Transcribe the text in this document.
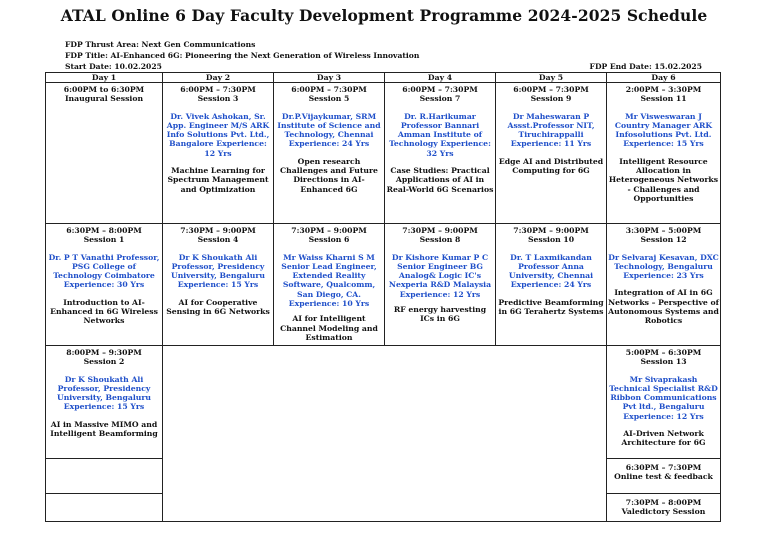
ATAL Online 6 Day Faculty Development Programme 2024-2025 Schedule
FDP Thrust Area: Next Gen Communications
FDP Title: AI-Enhanced 6G: Pioneering the Next Generation of Wireless Innovation
Start Date: 10.02.2025	FDP End Date: 15.02.2025
Day 1	Day 2	Day 3	Day 4	Day 5	Day 6

6:00PM to 6:30PM
Inaugural Session	6:00PM – 7:30PM
Session 3
Dr. Vivek Ashokan, Sr. App. Engineer M/S ARK Info Solutions Pvt. Ltd., Bangalore Experience: 12 Yrs
Machine Learning for Spectrum Management and Optimization	6:00PM – 7:30PM
Session 5
Dr.P.Vijaykumar, SRM Institute of Science and Technology, Chennai Experience: 24 Yrs
Open research Challenges and Future Directions in AI-Enhanced 6G	6:00PM – 7:30PM
Session 7
Dr. R.Harikumar Professor Bannari Amman Institute of Technology Experience: 32 Yrs
Case Studies: Practical Applications of AI in Real-World 6G Scenarios	6:00PM – 7:30PM
Session 9
Dr Maheswaran P Assst.Professor NIT, Tiruchirappalli Experience: 11 Yrs
Edge AI and Distributed Computing for 6G	2:00PM – 3:30PM
Session 11
Mr Visweswaran J Country Manager ARK Infosolutions Pvt. Ltd. Experience: 15 Yrs
Intelligent Resource Allocation in Heterogeneous Networks - Challenges and Opportunities

6:30PM – 8:00PM
Session 1
Dr. P T Vanathi Professor, PSG College of Technology Coimbatore Experience: 30 Yrs
Introduction to AI-Enhanced in 6G Wireless Networks	7:30PM – 9:00PM
Session 4
Dr K Shoukath Ali Professor, Presidency University, Bengaluru Experience: 15 Yrs
AI for Cooperative Sensing in 6G Networks	7:30PM – 9:00PM
Session 6
Mr Waiss Kharni S M Senior Lead Engineer, Extended Reality Software, Qualcomm, San Diego, CA. Experience: 10 Yrs
AI for Intelligent Channel Modeling and Estimation	7:30PM – 9:00PM
Session 8
Dr Kishore Kumar P C Senior Engineer BG Analog& Logic IC's Nexperia R&D Malaysia Experience: 12 Yrs
RF energy harvesting ICs in 6G	7:30PM – 9:00PM
Session 10
Dr. T Laxmikandan Professor Anna University, Chennai Experience: 24 Yrs
Predictive Beamforming in 6G Terahertz Systems	3:30PM – 5:00PM
Session 12
Dr Selvaraj Kesavan, DXC Technology, Bengaluru Experience: 23 Yrs
Integration of AI in 6G Networks – Perspective of Autonomous Systems and Robotics

8:00PM – 9:30PM
Session 2
Dr K Shoukath Ali Professor, Presidency University, Bengaluru Experience: 15 Yrs
AI in Massive MIMO and Intelligent Beamforming					5:00PM – 6:30PM
Session 13
Mr Sivaprakash Technical Specialist R&D Ribbon Communications Pvt ltd., Bengaluru Experience: 12 Yrs
AI-Driven Network Architecture for 6G

					6:30PM – 7:30PM
Online test & feedback

					7:30PM – 8:00PM
Valedictory Session
